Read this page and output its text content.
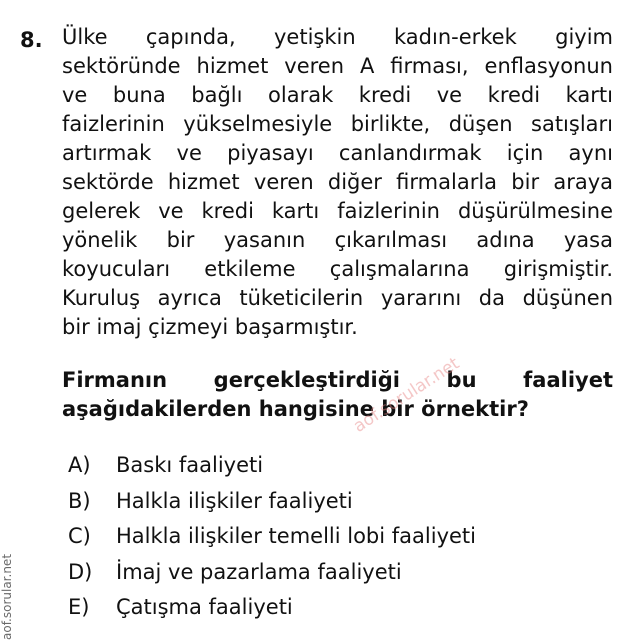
8. Ülke çapında, yetişkin kadın-erkek giyim
sektöründe hizmet veren A firması, enflasyonun
ve buna bağlı olarak kredi ve kredi kartı
faizlerinin yükselmesiyle birlikte, düşen satışları
artırmak ve piyasayı canlandırmak için aynı
sektörde hizmet veren diğer firmalarla bir araya
gelerek ve kredi kartı faizlerinin düşürülmesine
yönelik bir yasanın çıkarılması adına yasa
koyucuları etkileme çalışmalarına girişmiştir.
Kuruluş ayrıca tüketicilerin yararını da düşünen
bir imaj çizmeyi başarmıştır.
Firmanın gerçekleştirdiği bu faaliyet
aşağıdakilerden hangisine bir örnektir?
A) Baskı faaliyeti
B) Halkla ilişkiler faaliyeti
C) Halkla ilişkiler temelli lobi faaliyeti
D) İmaj ve pazarlama faaliyeti
E) Çatışma faaliyeti
aof.sorular.net
aof.sorular.net
